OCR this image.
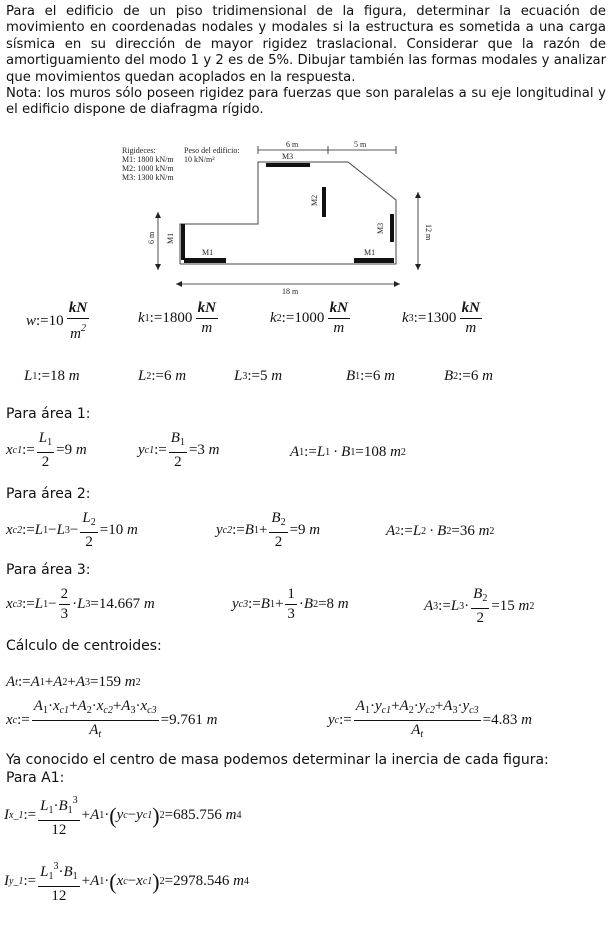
Para el edificio de un piso tridimensional de la figura, determinar la ecuación de movimiento en coordenadas nodales y modales si la estructura es sometida a una carga sísmica en su dirección de mayor rigidez traslacional. Considerar que la razón de amortiguamiento del modo 1 y 2 es de 5%. Dibujar también las formas modales y analizar que movimientos quedan acoplados en la respuesta.

Nota: los muros sólo poseen rigidez para fuerzas que son paralelas a su eje longitudinal y el edificio dispone de diafragma rígido.

Rigideces:
M1: 1800 kN/m
M2: 1000 kN/m
M3: 1300 kN/m
Peso del edificio:
10 kN/m²
M1	M1
M1
M3
M2
M3
6 m	5 m
6 m	12 m
18 m
w := 10
  $\frac{kN}{m^2}$	k 1 := 1800
  $\frac{kN}{m}$	k 2 := 1000
  $\frac{kN}{m}$	k 3 := 1300
  $\frac{kN}{m}$
L 1 := 18
m	L 2 := 6
m	L 3 := 5
m	B 1 := 6
m	B 2 := 6
m
Para área 1:
x c1 := $\frac{L_1}{2} = 9$
m	y c1 := $\frac{B_1}{2} = 3$
m	A 1 := L 1  ·  B 1 = 108
m 2
Para área 2:
x c2 := L 1 − L $3 - \frac{L_2}{2} = 10$
m	y c2 := B $1 + \frac{B_2}{2} = 9$
m	A 2 := L 2  ·  B 2 = 36
m 2
Para área 3:
x c3 := L $1 - \frac{2}{3} \cdot L$ 3 = 14.667
m	y c3 := B $1 + \frac{1}{3} \cdot B$ 2 = 8
m	A 3 := L $3 \cdot \frac{B_2}{2} = 15$
m 2
Cálculo de centroides:
A t := A 1 + A 2 + A 3 = 159
m 2
x c := $\frac{A_1\cdot x_{c1}+A_2\cdot x_{c2}+A_3\cdot x_{c3}}{A_t} = 9.761$
m	y c := $\frac{A_1\cdot y_{c1}+A_2\cdot y_{c2}+A_3\cdot y_{c3}}{A_t} = 4.83$
m
Ya conocido el centro de masa podemos determinar la inercia de cada figura:
Para A1:
I x_1 := $\frac{L_1\cdot B_1^3}{12} + A$ 1 · ( y c − y c1 ) 2 = 685.756
m 4
I y_1 := $\frac{L_1^3\cdot B_1}{12} + A$ 1 · ( x c − x c1 ) 2 = 2978.546
m 4
